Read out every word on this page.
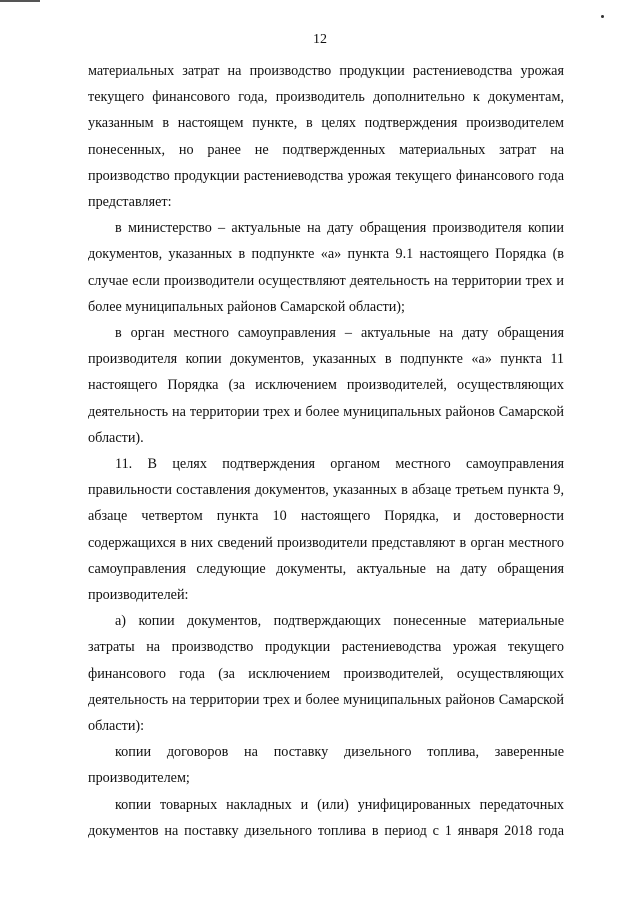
12

материальных затрат на производство продукции растениеводства урожая текущего финансового года, производитель дополнительно к документам, указанным в настоящем пункте, в целях подтверждения производителем понесенных, но ранее не подтвержденных материальных затрат на производство продукции растениеводства урожая текущего финансового года представляет:

в министерство – актуальные на дату обращения производителя копии документов, указанных в подпункте «а» пункта 9.1 настоящего Порядка (в случае если производители осуществляют деятельность на территории трех и более муниципальных районов Самарской области);

в орган местного самоуправления – актуальные на дату обращения производителя копии документов, указанных в подпункте «а» пункта 11 настоящего Порядка (за исключением производителей, осуществляющих деятельность на территории трех и более муниципальных районов Самарской области).

11. В целях подтверждения органом местного самоуправления правильности составления документов, указанных в абзаце третьем пункта 9, абзаце четвертом пункта 10 настоящего Порядка, и достоверности содержащихся в них сведений производители представляют в орган местного самоуправления следующие документы, актуальные на дату обращения производителей:

а) копии документов, подтверждающих понесенные материальные затраты на производство продукции растениеводства урожая текущего финансового года (за исключением производителей, осуществляющих деятельность на территории трех и более муниципальных районов Самарской области):

копии договоров на поставку дизельного топлива, заверенные производителем;

копии товарных накладных и (или) унифицированных передаточных документов на поставку дизельного топлива в период с 1 января 2018 года
